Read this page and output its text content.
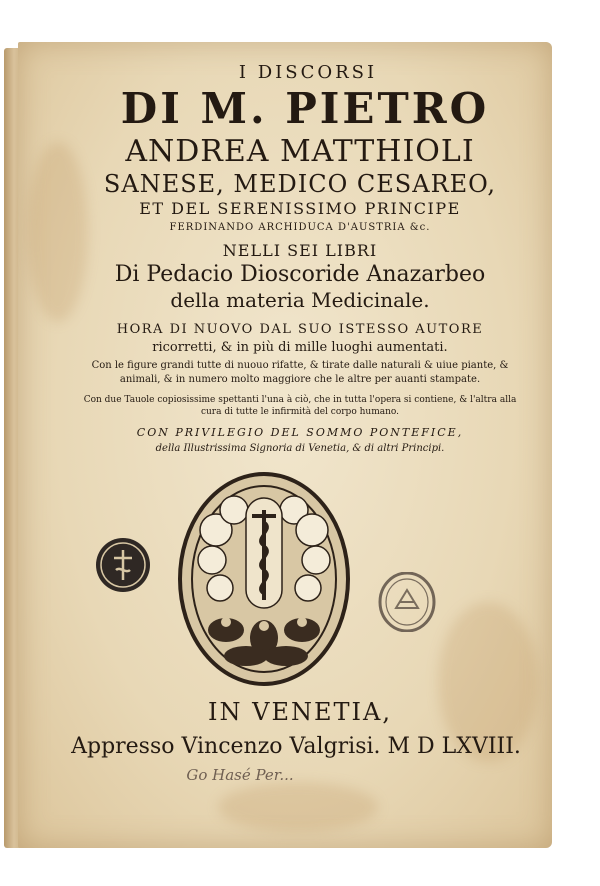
I DISCORSI
DI M. PIETRO
ANDREA MATTHIOLI
SANESE, MEDICO CESAREO,
ET DEL SERENISSIMO PRINCIPE
FERDINANDO ARCHIDUCA D'AUSTRIA &c.
NELLI SEI LIBRI
Di Pedacio Dioscoride Anazarbeo
della materia Medicinale.
HORA DI NUOVO DAL SUO ISTESSO AUTORE
ricorretti, & in più di mille luoghi aumentati.
Con le figure grandi tutte di nuouo rifatte, & tirate dalle naturali & uiue piante, &
animali, & in numero molto maggiore che le altre per auanti stampate.
Con due Tauole copiosissime spettanti l'una à ciò, che in tutta l'opera si contiene, & l'altra alla
cura di tutte le infirmità del corpo humano.
CON PRIVILEGIO DEL SOMMO PONTEFICE,
della Illustrissima Signoria di Venetia, & di altri Principi.
IN VENETIA,
Appresso Vincenzo Valgrisi. M D LXVIII.
Go Hasé Per...
